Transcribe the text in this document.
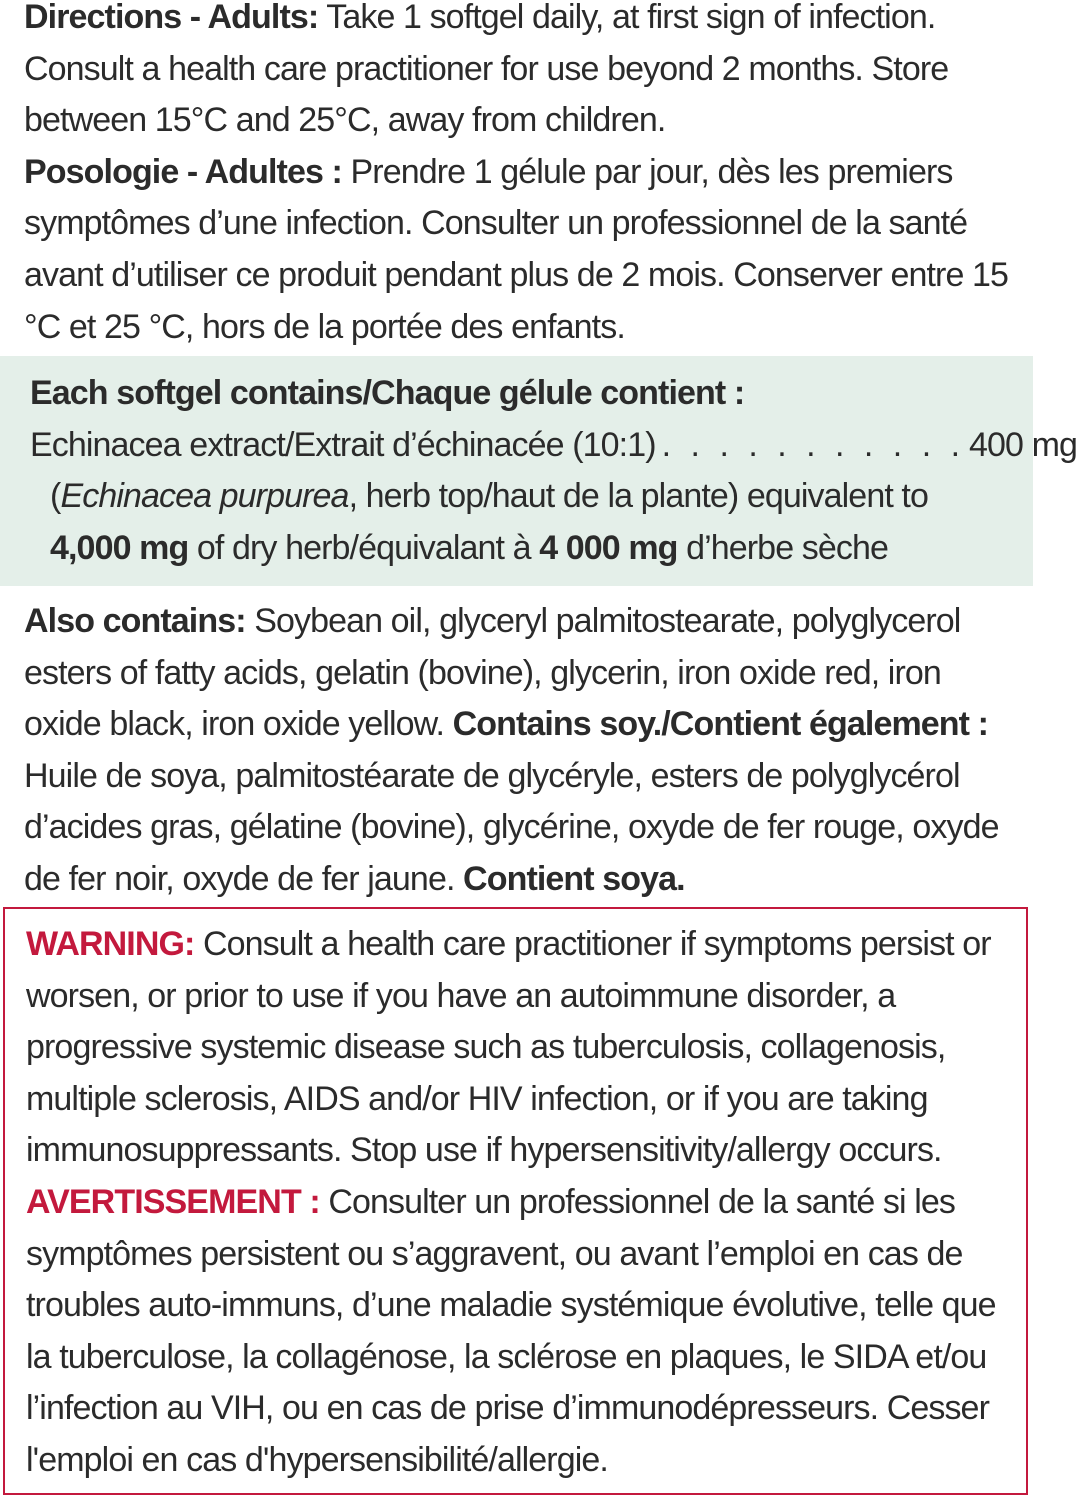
Directions - Adults: Take 1 softgel daily, at first sign of infection. Consult a health care practitioner for use beyond 2 months. Store between 15°C and 25°C, away from children.

Posologie - Adultes : Prendre 1 gélule par jour, dès les premiers symptômes d’une infection. Consulter un professionnel de la santé avant d’utiliser ce produit pendant plus de 2 mois. Conserver entre 15 °C et 25 °C, hors de la portée des enfants.

Each softgel contains/Chaque gélule contient :

Echinacea extract/Extrait d’échinacée (10:1) . . . . . . . . . . . 400 mg

(Echinacea purpurea, herb top/haut de la plante) equivalent to

4,000 mg of dry herb/équivalant à 4 000 mg d’herbe sèche

Also contains: Soybean oil, glyceryl palmitostearate, polyglycerol esters of fatty acids, gelatin (bovine), glycerin, iron oxide red, iron oxide black, iron oxide yellow. Contains soy./Contient également : Huile de soya, palmitostéarate de glycéryle, esters de polyglycérol d’acides gras, gélatine (bovine), glycérine, oxyde de fer rouge, oxyde de fer noir, oxyde de fer jaune. Contient soya.

WARNING: Consult a health care practitioner if symptoms persist or worsen, or prior to use if you have an autoimmune disorder, a progressive systemic disease such as tuberculosis, collagenosis, multiple sclerosis, AIDS and/or HIV infection, or if you are taking immunosuppressants. Stop use if hypersensitivity/allergy occurs.

AVERTISSEMENT : Consulter un professionnel de la santé si les symptômes persistent ou s’aggravent, ou avant l’emploi en cas de troubles auto-immuns, d’une maladie systémique évolutive, telle que la tuberculose, la collagénose, la sclérose en plaques, le SIDA et/ou l’infection au VIH, ou en cas de prise d’immunodépresseurs. Cesser l'emploi en cas d'hypersensibilité/allergie.
